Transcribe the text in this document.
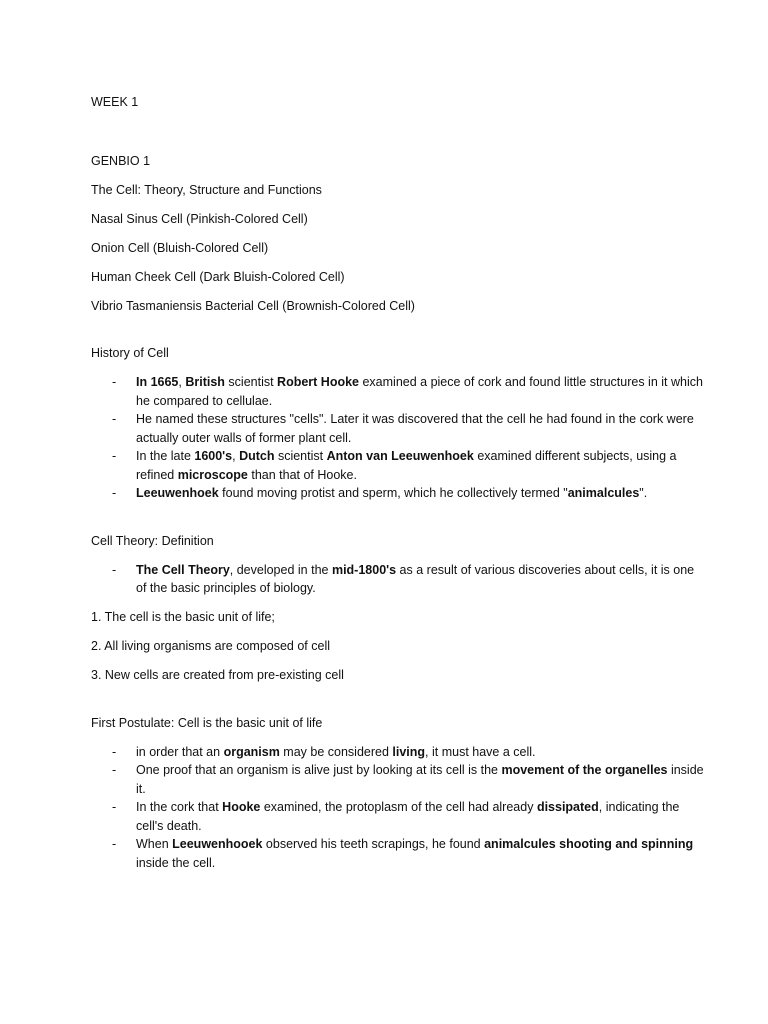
WEEK 1

GENBIO 1

The Cell: Theory, Structure and Functions

Nasal Sinus Cell (Pinkish-Colored Cell)

Onion Cell (Bluish-Colored Cell)

Human Cheek Cell (Dark Bluish-Colored Cell)

Vibrio Tasmaniensis Bacterial Cell (Brownish-Colored Cell)

History of Cell

- In 1665, British scientist Robert Hooke examined a piece of cork and found little structures in it which he compared to cellulae.
- He named these structures "cells". Later it was discovered that the cell he had found in the cork were actually outer walls of former plant cell.
- In the late 1600's, Dutch scientist Anton van Leeuwenhoek examined different subjects, using a refined microscope than that of Hooke.
- Leeuwenhoek found moving protist and sperm, which he collectively termed "animalcules".

Cell Theory: Definition

- The Cell Theory, developed in the mid-1800's as a result of various discoveries about cells, it is one of the basic principles of biology.

1. The cell is the basic unit of life;

2. All living organisms are composed of cell

3. New cells are created from pre-existing cell

First Postulate: Cell is the basic unit of life

- in order that an organism may be considered living, it must have a cell.
- One proof that an organism is alive just by looking at its cell is the movement of the organelles inside it.
- In the cork that Hooke examined, the protoplasm of the cell had already dissipated, indicating the cell's death.
- When Leeuwenhooek observed his teeth scrapings, he found animalcules shooting and spinning inside the cell.
